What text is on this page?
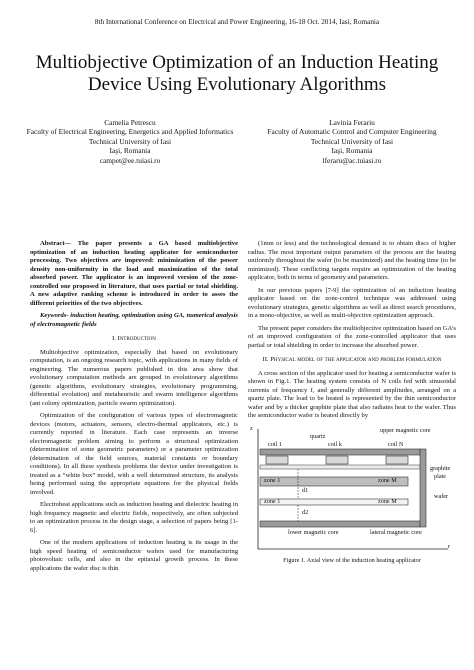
8th International Conference on Electrical and Power Engineering, 16-18 Oct. 2014, Iasi, Romania
Multiobjective Optimization of an Induction Heating Device Using Evolutionary Algorithms
Camelia Petrescu
Faculty of Electrical Engineering, Energetics and Applied Informatics
Technical University of Iasi
Iaşi, Romania
campet@ee.tuiasi.ro
Lavinia Ferariu
Faculty of Automatic Control and Computer Engineering
Technical University of Iasi
Iaşi, Romania
lferaru@ac.tuiasi.ro

Abstract— The paper presents a GA based multiobjective optimization of an induction heating applicator for semiconductor processing. Two objectives are improved: minimization of the power density non-uniformity in the load and maximization of the total absorbed power. The applicator is an improved version of the zone-controlled one proposed in literature, that uses partial or total shielding. A new adaptive ranking scheme is introduced in order to asses the different priorities of the two objectives.

Keywords- induction heating, optimization using GA, numerical analysis of electromagnetic fields

I. Introduction

Multiobjective optimization, especially that based on evolutionary computation, is an ongoing research topic, with applications in many fields of engineering. The numerous papers published in this area show that evolutionary computation methods are grouped in evolutionary algorithms (genetic algorithms, evolutionary strategies, evolutionary programming, differential evolution) and metaheuristic and swarm intelligence algorithms (ant colony optimization, particle swarm optimization).

Optimization of the configuration of various types of electromagnetic devices (motors, actuators, sensors, electro-thermal applicators, etc.) is currently reported in literature. Each case represents an inverse electromagnetic problem aiming to perform a structural optimization (determination of some geometric parameters) or a parameter optimization (determination of the field sources, material constants or boundary conditions). In all these synthesis problems the device under investigation is treated as a “white box” model, with a well determined structure, its analysis being performed using the appropriate equations for the physical fields involved.

Electroheat applications such as induction heating and dielectric heating in high frequency magnetic and electric fields, respectively, are often subjected to an optimization process in the design stage, a selection of papers being [1-6].

One of the modern applications of induction heating is its usage in the high speed heating of semiconductor wafers used for manufacturing photovoltaic cells, and also in the epitaxial growth process. In these applications the wafer disc is thin

(1mm or less) and the technological demand is to obtain discs of higher radius. The most important output parameters of the process are the heating uniformly throughout the wafer (to be maximized) and the heating time (to be minimized). These conflicting targets require an optimization of the heating applicator, both in terms of geometry and parameters.

In our previous papers [7-9] the optimization of an induction heating applicator based on the zone-control technique was addressed using evolutionary strategies, genetic algorithms as well as direct search procedures, in a mono-objective, as well as multi-objective optimization approach.

The present paper considers the multiobjective optimization based on GA’s of an improved configuration of the zone-controlled applicator that uses partial or total shielding in order to increase the absorbed power.

II. Physical model of the applicator and problem formulation

A cross section of the applicator used for heating a semiconductor wafer is shown in Fig.1. The heating system consists of N coils fed with sinusoidal currents of frequency f, and generally different amplitudes, arranged on a quartz plate. The load to be heated is represented by the thin semiconductor wafer and by a thicker graphite plate that also radiates heat to the wafer. Thus the semiconductor wafer is heated directly by

z
r
quartz
upper magnetic core
coil 1	coil k	coil N
graphite
plate
zone 1	zone M
d1
d2
wafer
zone 1	zone M
lower magnetic core	lateral magnetic core
Figure 1. Axial view of the induction heating applicator
